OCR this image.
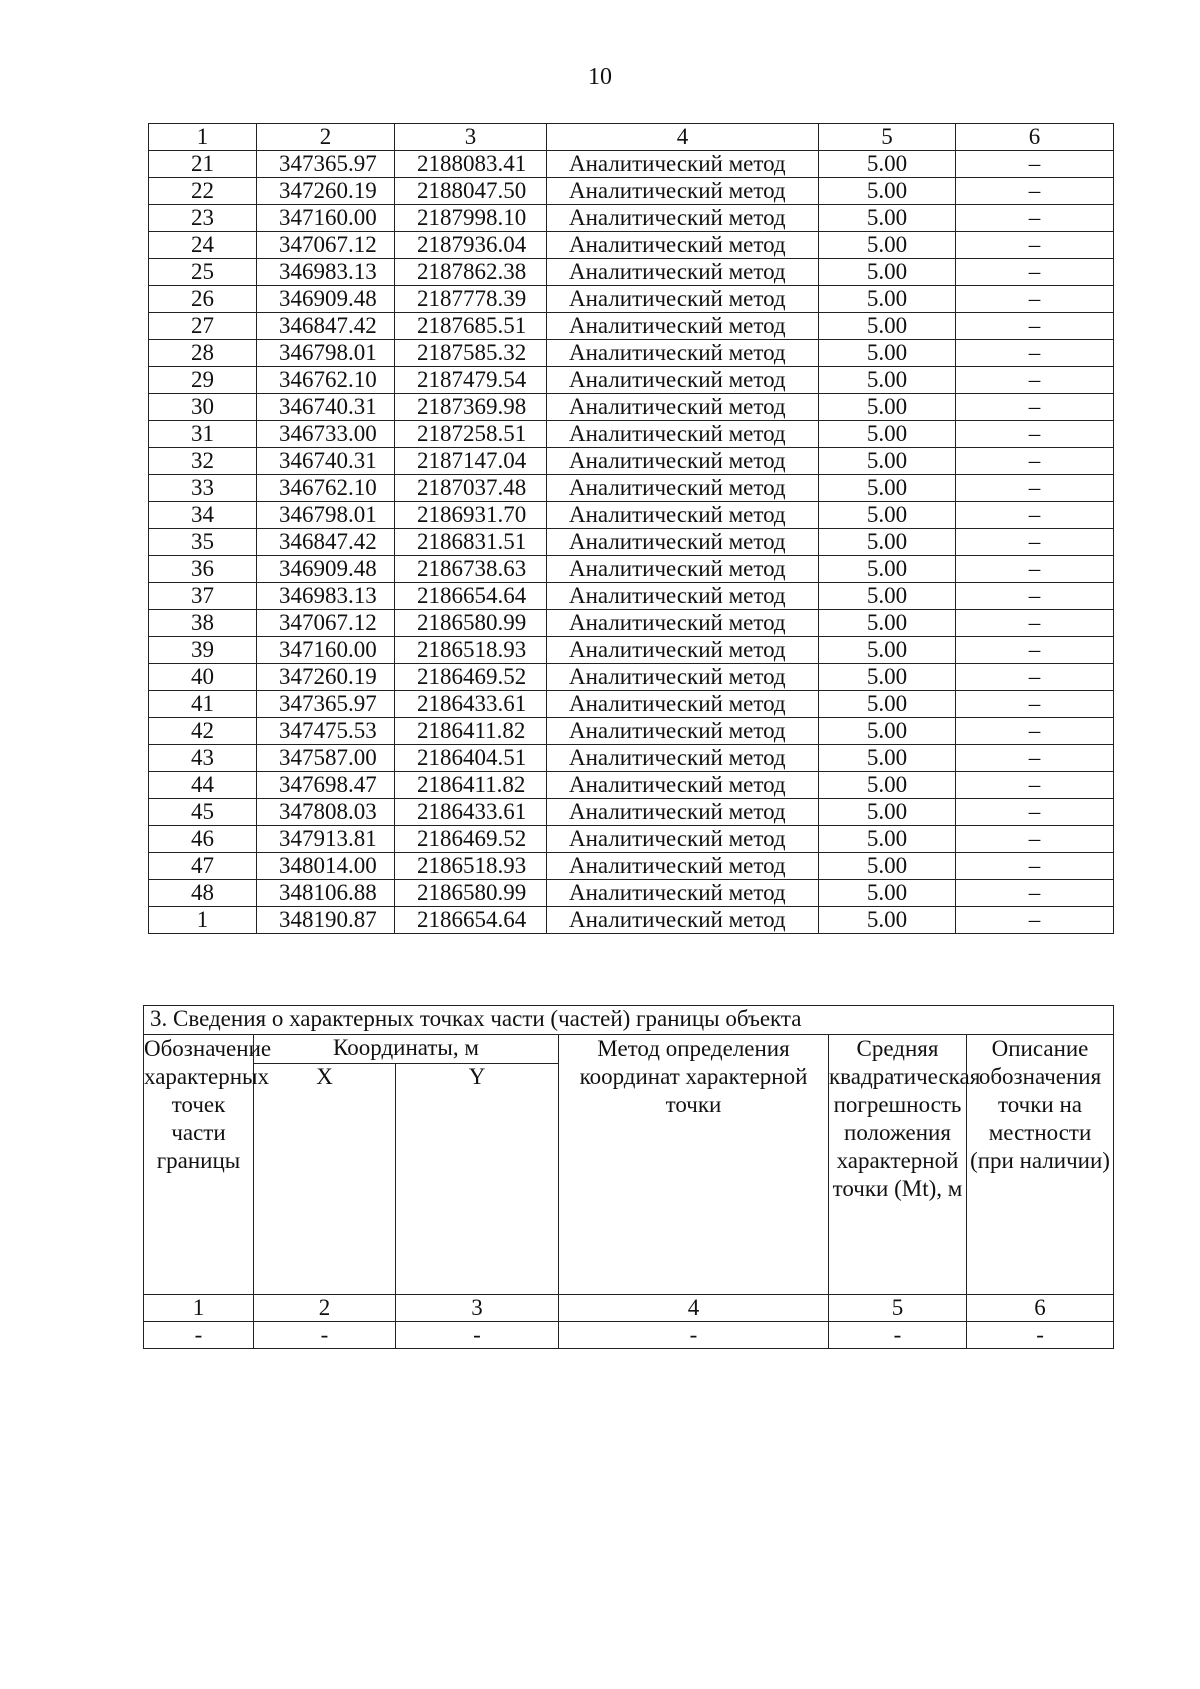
10
1	2	3	4	5	6
21	347365.97	2188083.41	Аналитический метод	5.00	–
22	347260.19	2188047.50	Аналитический метод	5.00	–
23	347160.00	2187998.10	Аналитический метод	5.00	–
24	347067.12	2187936.04	Аналитический метод	5.00	–
25	346983.13	2187862.38	Аналитический метод	5.00	–
26	346909.48	2187778.39	Аналитический метод	5.00	–
27	346847.42	2187685.51	Аналитический метод	5.00	–
28	346798.01	2187585.32	Аналитический метод	5.00	–
29	346762.10	2187479.54	Аналитический метод	5.00	–
30	346740.31	2187369.98	Аналитический метод	5.00	–
31	346733.00	2187258.51	Аналитический метод	5.00	–
32	346740.31	2187147.04	Аналитический метод	5.00	–
33	346762.10	2187037.48	Аналитический метод	5.00	–
34	346798.01	2186931.70	Аналитический метод	5.00	–
35	346847.42	2186831.51	Аналитический метод	5.00	–
36	346909.48	2186738.63	Аналитический метод	5.00	–
37	346983.13	2186654.64	Аналитический метод	5.00	–
38	347067.12	2186580.99	Аналитический метод	5.00	–
39	347160.00	2186518.93	Аналитический метод	5.00	–
40	347260.19	2186469.52	Аналитический метод	5.00	–
41	347365.97	2186433.61	Аналитический метод	5.00	–
42	347475.53	2186411.82	Аналитический метод	5.00	–
43	347587.00	2186404.51	Аналитический метод	5.00	–
44	347698.47	2186411.82	Аналитический метод	5.00	–
45	347808.03	2186433.61	Аналитический метод	5.00	–
46	347913.81	2186469.52	Аналитический метод	5.00	–
47	348014.00	2186518.93	Аналитический метод	5.00	–
48	348106.88	2186580.99	Аналитический метод	5.00	–
1	348190.87	2186654.64	Аналитический метод	5.00	–
3. Сведения о характерных точках части (частей) границы объекта					
Обозначение характерных точек части границы	Координаты, м		Метод определения координат характерной точки	Средняя квадратическая погрешность положения характерной точки (Mt), м	Описание обозначения точки на местности (при наличии)
	X	Y			
1	2	3	4	5	6
-	-	-	-	-	-
